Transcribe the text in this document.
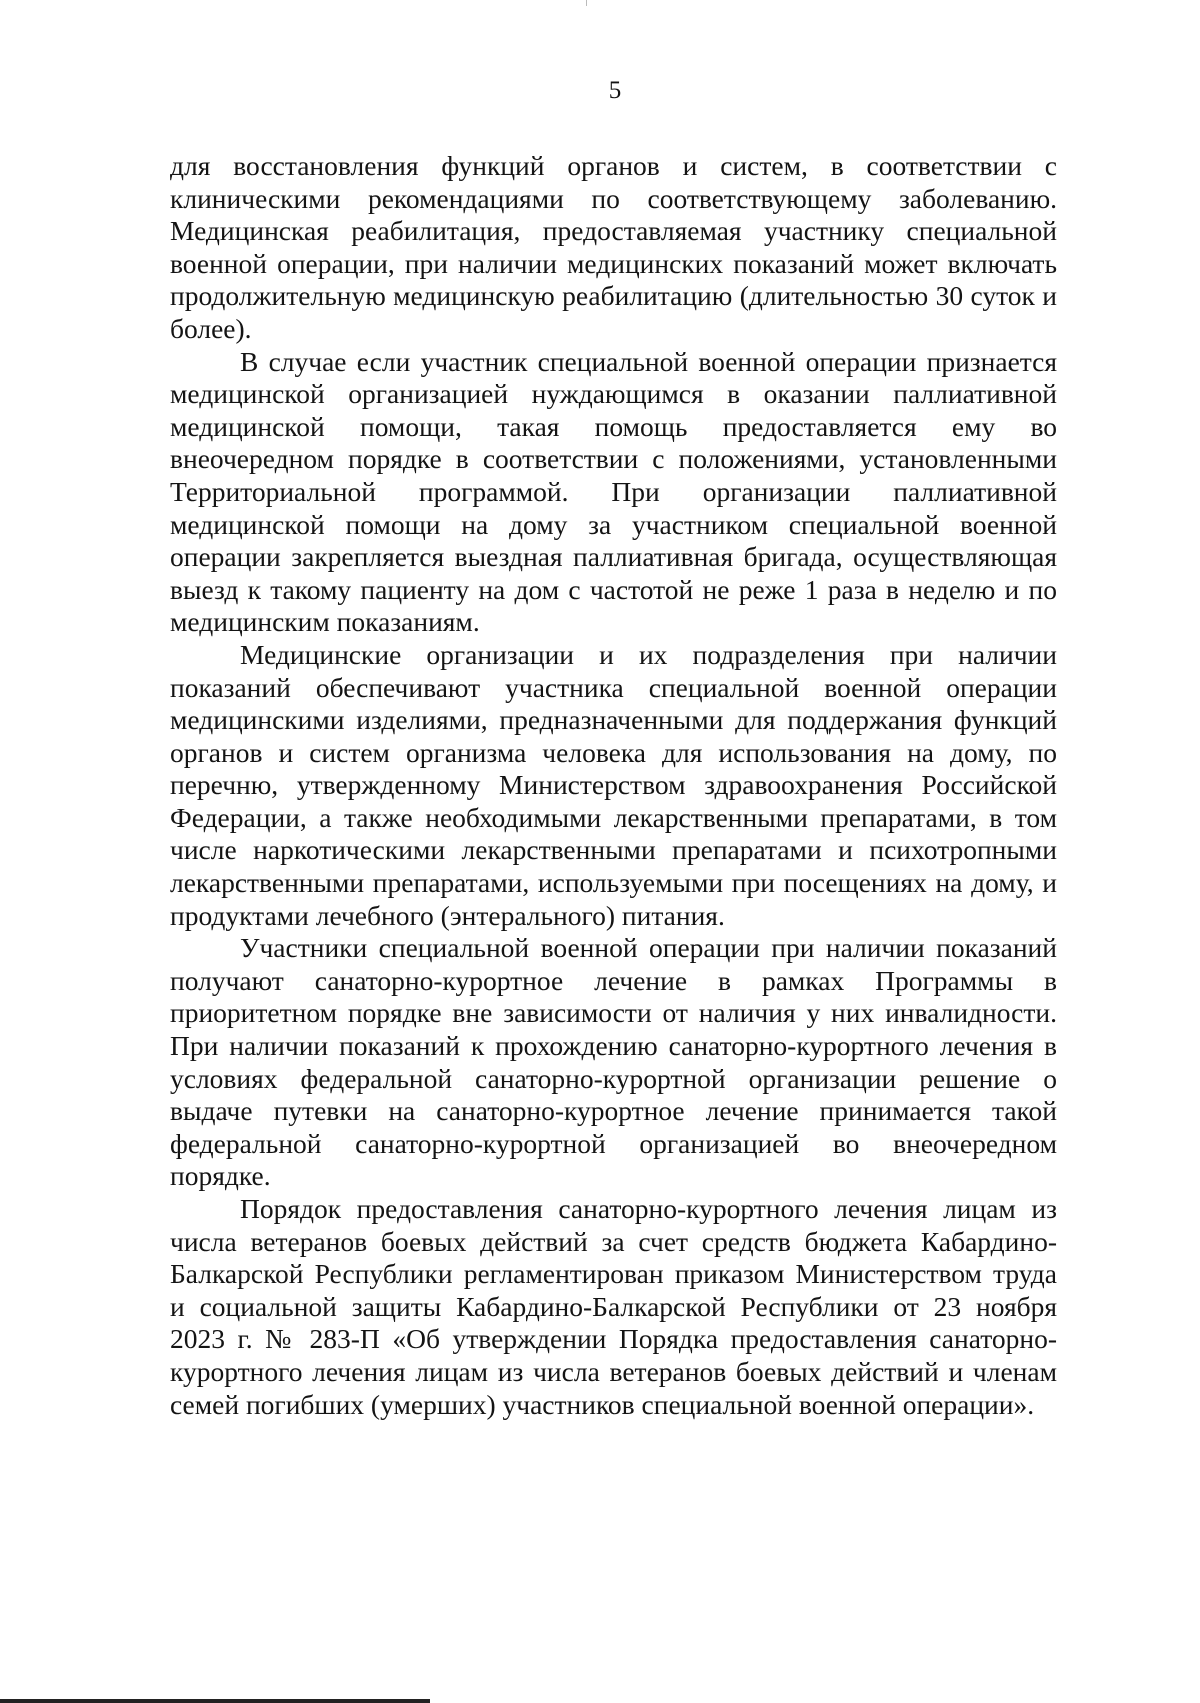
5

для восстановления функций органов и систем, в соответствии с клиническими рекомендациями по соответствующему заболеванию. Медицинская реабилитация, предоставляемая участнику специальной военной операции, при наличии медицинских показаний может включать продолжительную медицинскую реабилитацию (длительностью 30 суток и более).

В случае если участник специальной военной операции признается медицинской организацией нуждающимся в оказании паллиативной медицинской помощи, такая помощь предоставляется ему во внеочередном порядке в соответствии с положениями, установленными Территориальной программой. При организации паллиативной медицинской помощи на дому за участником специальной военной операции закрепляется выездная паллиативная бригада, осуществляющая выезд к такому пациенту на дом с частотой не реже 1 раза в неделю и по медицинским показаниям.

Медицинские организации и их подразделения при наличии показаний обеспечивают участника специальной военной операции медицинскими изделиями, предназначенными для поддержания функций органов и систем организма человека для использования на дому, по перечню, утвержденному Министерством здравоохранения Российской Федерации, а также необходимыми лекарственными препаратами, в том числе наркотическими лекарственными препаратами и психотропными лекарственными препаратами, используемыми при посещениях на дому, и продуктами лечебного (энтерального) питания.

Участники специальной военной операции при наличии показаний получают санаторно-курортное лечение в рамках Программы в приоритетном порядке вне зависимости от наличия у них инвалидности. При наличии показаний к прохождению санаторно-курортного лечения в условиях федеральной санаторно-курортной организации решение о выдаче путевки на санаторно-курортное лечение принимается такой федеральной санаторно-курортной организацией во внеочередном порядке.

Порядок предоставления санаторно-курортного лечения лицам из числа ветеранов боевых действий за счет средств бюджета Кабардино-Балкарской Республики регламентирован приказом Министерством труда и социальной защиты Кабардино-Балкарской Республики от 23 ноября 2023 г. № 283-П «Об утверждении Порядка предоставления санаторно-курортного лечения лицам из числа ветеранов боевых действий и членам семей погибших (умерших) участников специальной военной операции».
